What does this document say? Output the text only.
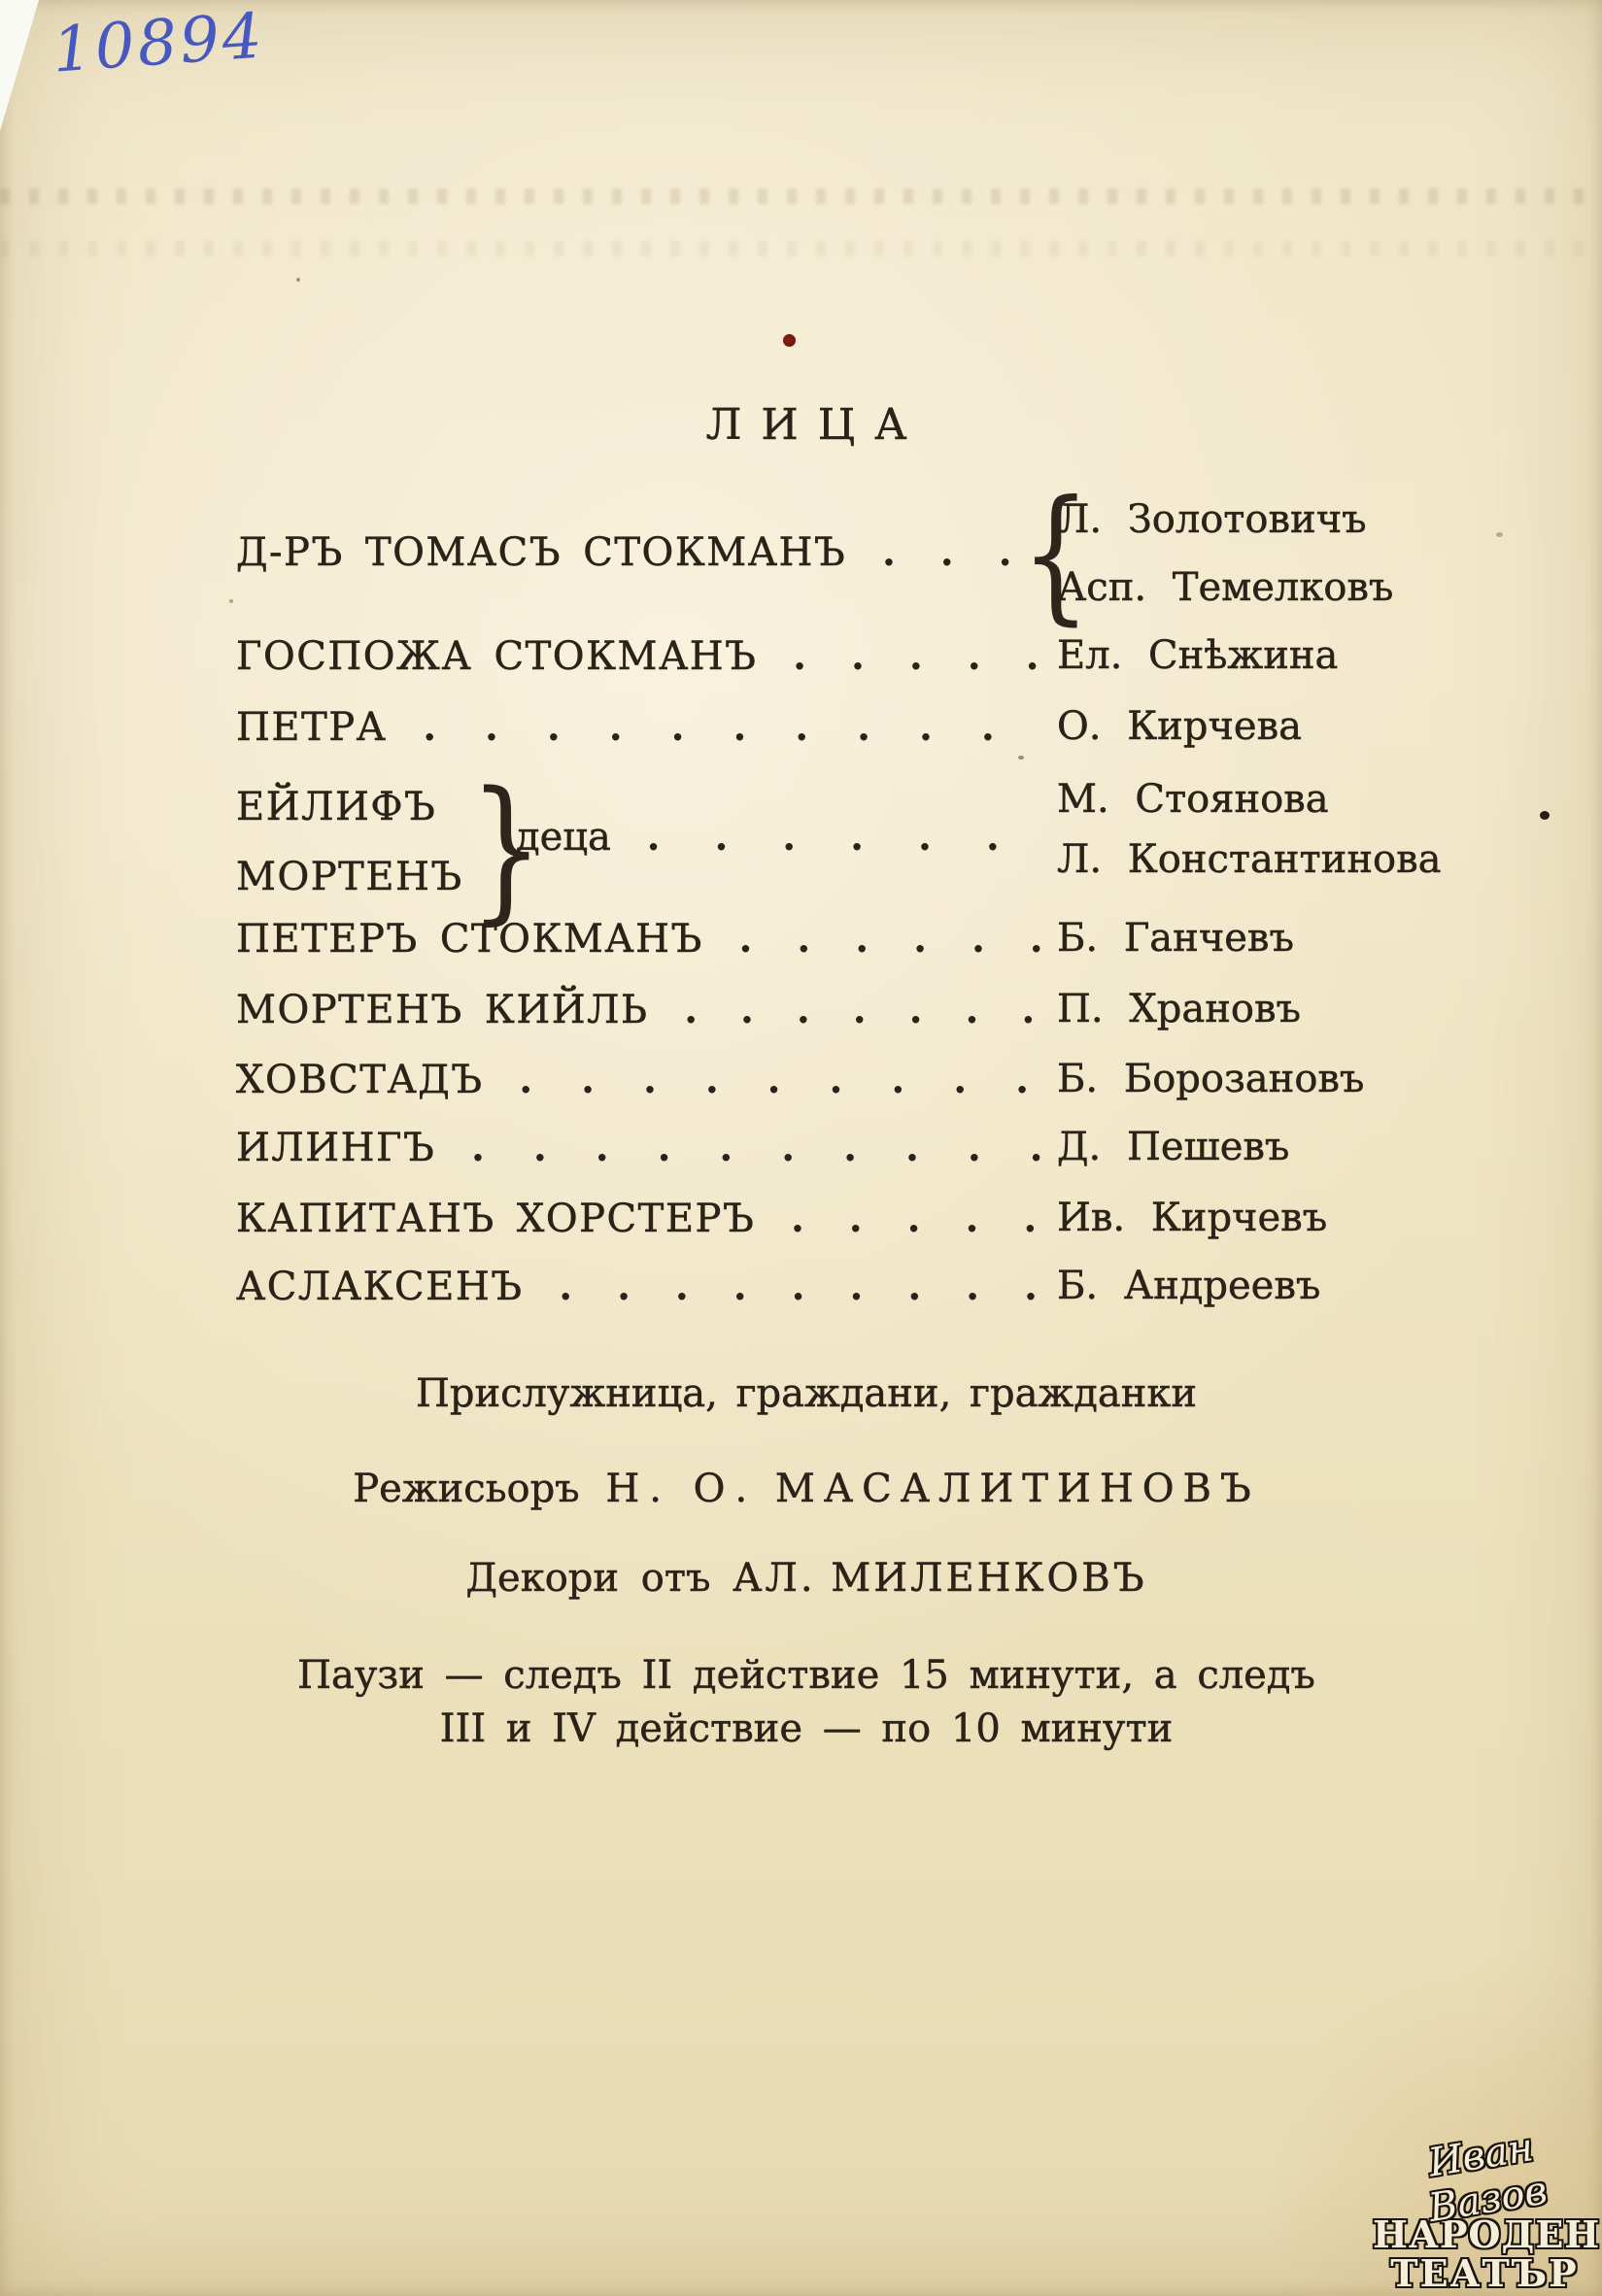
10894
ЛИЦА
Д-РЪ ТОМАСЪ СТОКМАНЪ . . . {
Л. Золотовичъ
Асп. Темелковъ
ГОСПОЖА СТОКМАНЪ . . . . . Ел. Снѣжина
ПЕТРА . . . . . . . . . . О. Кирчева
ЕЙЛИФЪ
МОРТЕНЪ }
деца . . . . . .
М. Стоянова
Л. Константинова
ПЕТЕРЪ СТОКМАНЪ . . . . . . Б. Ганчевъ
МОРТЕНЪ КИЙЛЬ . . . . . . . П. Храновъ
ХОВСТАДЪ . . . . . . . . . Б. Борозановъ
ИЛИНГЪ . . . . . . . . . . Д. Пешевъ
КАПИТАНЪ ХОРСТЕРЪ . . . . . Ив. Кирчевъ
АСЛАКСЕНЪ . . . . . . . . . Б. Андреевъ
Прислужница, граждани, гражданки
Режисьоръ Н. О. МАСАЛИТИНОВЪ
Декори отъ АЛ. МИЛЕНКОВЪ
Паузи — следъ II действие 15 минути, а следъ
III и IV действие — по 10 минути
Иван Вазов
НАРОДЕН
ТЕАТЪР
